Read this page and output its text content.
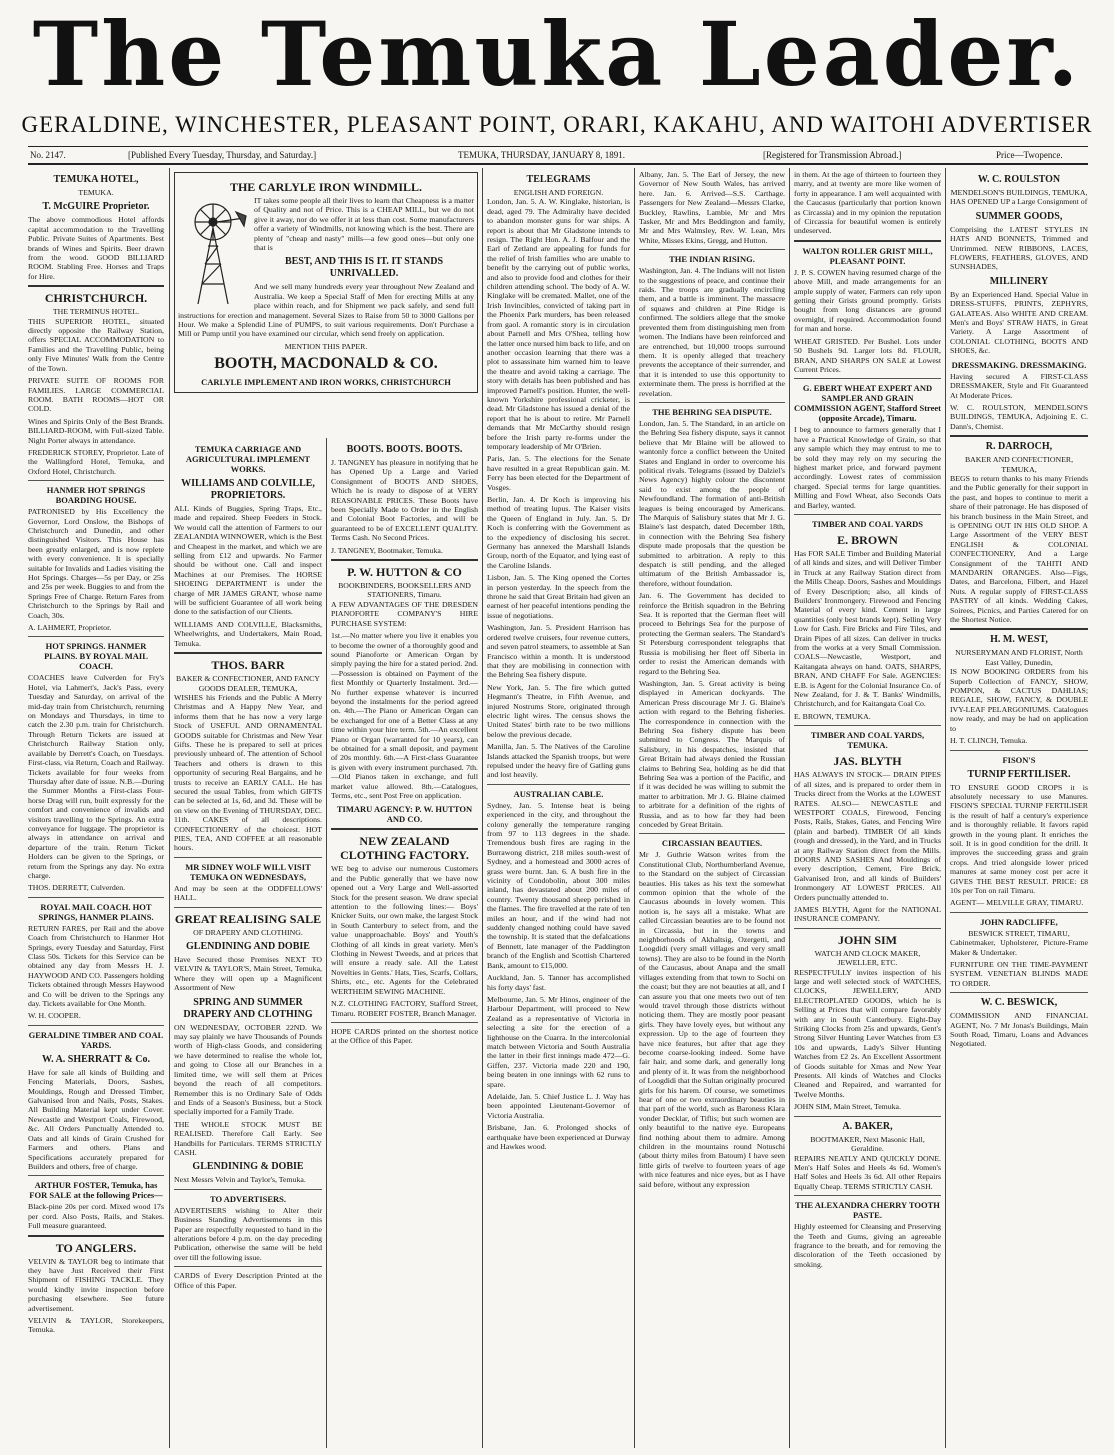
The Temuka Leader.
GERALDINE, WINCHESTER, PLEASANT POINT, ORARI, KAKAHU, AND WAITOHI ADVERTISER
No. 2147.	[Published Every Tuesday, Thursday, and Saturday.]	TEMUKA, THURSDAY, JANUARY 8, 1891.	[Registered for Transmission Abroad.]	Price—Twopence.
TEMUKA HOTEL,
TEMUKA.
T. McGUIRE Proprietor.

The above commodious Hotel affords capital accommodation to the Travelling Public. Private Suites of Apartments. Best brands of Wines and Spirits. Beer drawn from the wood. GOOD BILLIARD ROOM. Stabling Free. Horses and Traps for Hire.

CHRISTCHURCH.
THE TERMINUS HOTEL.

THIS SUPERIOR HOTEL, situated directly opposite the Railway Station, offers SPECIAL ACCOMMODATION to Families and the Travelling Public, being only Five Minutes' Walk from the Centre of the Town.

PRIVATE SUITE OF ROOMS FOR FAMILIES. LARGE COMMERCIAL ROOM. BATH ROOMS—HOT OR COLD.

Wines and Spirits Only of the Best Brands. BILLIARD-ROOM, with Full-sized Table. Night Porter always in attendance.

FREDERICK STOREY, Proprietor. Late of the Wallingford Hotel, Temuka, and Oxford Hotel, Christchurch.

HANMER HOT SPRINGS BOARDING HOUSE.

PATRONISED by His Excellency the Governor, Lord Onslow, the Bishops of Christchurch and Dunedin, and other distinguished Visitors. This House has been greatly enlarged, and is now replete with every convenience. It is specially suitable for Invalids and Ladies visiting the Hot Springs. Charges—5s per Day, or 25s and 25s per week. Buggies to and from the Springs Free of Charge. Return Fares from Christchurch to the Springs by Rail and Coach, 30s.

A. LAHMERT, Proprietor.

HOT SPRINGS. HANMER PLAINS. BY ROYAL MAIL COACH.

COACHES leave Culverden for Fry's Hotel, via Lahmert's, Jack's Pass, every Tuesday and Saturday, on arrival of the mid-day train from Christchurch, returning on Mondays and Thursdays, in time to catch the 2.30 p.m. train for Christchurch. Through Return Tickets are issued at Christchurch Railway Station only, available by Derrett's Coach, on Tuesdays. First-class, via Return, Coach and Railway. Tickets available for four weeks from Thursday after date of issue. N.B.—During the Summer Months a First-class Four-horse Drag will run, built expressly for the comfort and convenience of invalids and visitors travelling to the Springs. An extra conveyance for luggage. The proprietor is always in attendance on arrival and departure of the train. Return Ticket Holders can be given to the Springs, or return from the Springs any day. No extra charge.

THOS. DERRETT, Culverden.

ROYAL MAIL COACH. HOT SPRINGS, HANMER PLAINS.

RETURN FARES, per Rail and the above Coach from Christchurch to Hanmer Hot Springs, every Tuesday and Saturday, First Class 50s. Tickets for this Service can be obtained any day from Messrs H. J. HAYWOOD AND CO. Passengers holding Tickets obtained through Messrs Haywood and Co will be driven to the Springs any day. Tickets available for One Month.

W. H. COOPER.

GERALDINE TIMBER AND COAL YARDS.
W. A. SHERRATT & Co.

Have for sale all kinds of Building and Fencing Materials, Doors, Sashes, Mouldings, Rough and Dressed Timber, Galvanised Iron and Nails, Posts, Stakes. All Building Material kept under Cover. Newcastle and Westport Coals, Firewood, &c. All Orders Punctually Attended to. Oats and all kinds of Grain Crushed for Farmers and others. Plans and Specifications accurately prepared for Builders and others, free of charge.

ARTHUR FOSTER, Temuka, has FOR SALE at the following Prices—

Black-pine 20s per cord. Mixed wood 17s per cord. Also Posts, Rails, and Stakes. Full measure guaranteed.

TO ANGLERS.

VELVIN & TAYLOR beg to intimate that they have Just Received their First Shipment of FISHING TACKLE. They would kindly invite inspection before purchasing elsewhere. See future advertisement.

VELVIN & TAYLOR, Storekeepers, Temuka.

THE CARLYLE IRON WINDMILL.

IT takes some people all their lives to learn that Cheapness is a matter of Quality and not of Price. This is a CHEAP MILL, but we do not give it away, nor do we offer it at less than cost. Some manufacturers offer a variety of Windmills, not knowing which is the best. There are plenty of "cheap and nasty" mills—a few good ones—but only one that is

BEST, AND THIS IS IT. IT STANDS UNRIVALLED.

And we sell many hundreds every year throughout New Zealand and Australia. We keep a Special Staff of Men for erecting Mills at any place within reach, and for Shipment we pack safely, and send full instructions for erection and management. Several Sizes to Raise from 50 to 3000 Gallons per Hour. We make a Splendid Line of PUMPS, to suit various requirements. Don't Purchase a Mill or Pump until you have examined our circular, which send freely on application.

MENTION THIS PAPER.
BOOTH, MACDONALD & CO.
CARLYLE IMPLEMENT AND IRON WORKS, CHRISTCHURCH
TEMUKA CARRIAGE AND AGRICULTURAL IMPLEMENT WORKS.
WILLIAMS AND COLVILLE, PROPRIETORS.

ALL Kinds of Buggies, Spring Traps, Etc., made and repaired. Sheep Feeders in Stock. We would call the attention of Farmers to our ZEALANDIA WINNOWER, which is the Best and Cheapest in the market, and which we are selling from £12 and upwards. No Farmer should be without one. Call and inspect Machines at our Premises. The HORSE SHOEING DEPARTMENT is under the charge of MR JAMES GRANT, whose name will be sufficient Guarantee of all work being done to the satisfaction of our Clients.

WILLIAMS AND COLVILLE, Blacksmiths, Wheelwrights, and Undertakers, Main Road, Temuka.

THOS. BARR
BAKER & CONFECTIONER, AND FANCY GOODS DEALER, TEMUKA,

WISHES his Friends and the Public A Merry Christmas and A Happy New Year, and informs them that he has now a very large Stock of USEFUL AND ORNAMENTAL GOODS suitable for Christmas and New Year Gifts. These he is prepared to sell at prices previously unheard of. The attention of School Teachers and others is drawn to this opportunity of securing Real Bargains, and he trusts to receive an EARLY CALL. He has secured the usual Tables, from which GIFTS can be selected at 1s, 6d, and 3d. These will be on view on the Evening of THURSDAY, DEC. 11th. CAKES of all descriptions. CONFECTIONERY of the choicest. HOT PIES, TEA, AND COFFEE at all reasonable hours.

MR SIDNEY WOLF WILL VISIT TEMUKA ON WEDNESDAYS,

And may be seen at the ODDFELLOWS' HALL.

GREAT REALISING SALE
OF DRAPERY AND CLOTHING.
GLENDINING AND DOBIE

Have Secured those Premises NEXT TO VELVIN & TAYLOR'S, Main Street, Temuka, Where they will open up a Magnificent Assortment of New

SPRING AND SUMMER DRAPERY AND CLOTHING

ON WEDNESDAY, OCTOBER 22ND. We may say plainly we have Thousands of Pounds worth of High-class Goods, and considering we have determined to realise the whole lot, and going to Close all our Branches in a limited time, we will sell them at Prices beyond the reach of all competitors. Remember this is no Ordinary Sale of Odds and Ends of a Season's Business, but a Stock specially imported for a Family Trade.

THE WHOLE STOCK MUST BE REALISED. Therefore Call Early. See Handbills for Particulars. TERMS STRICTLY CASH.

GLENDINING & DOBIE

Next Messrs Velvin and Taylor's, Temuka.

TO ADVERTISERS.

ADVERTISERS wishing to Alter their Business Standing Advertisements in this Paper are respectfully requested to hand in the alterations before 4 p.m. on the day preceding Publication, otherwise the same will be held over till the following issue.

CARDS of Every Description Printed at the Office of this Paper.

BOOTS. BOOTS. BOOTS.

J. TANGNEY has pleasure in notifying that he has Opened Up a Large and Varied Consignment of BOOTS AND SHOES, Which he is ready to dispose of at VERY REASONABLE PRICES. These Boots have been Specially Made to Order in the English and Colonial Boot Factories, and will be guaranteed to be of EXCELLENT QUALITY. Terms Cash. No Second Prices.

J. TANGNEY, Bootmaker, Temuka.

P. W. HUTTON & CO
BOOKBINDERS, BOOKSELLERS AND STATIONERS, Timaru.

A FEW ADVANTAGES OF THE DRESDEN PIANOFORTE COMPANY'S HIRE PURCHASE SYSTEM:

1st.—No matter where you live it enables you to become the owner of a thoroughly good and sound Pianoforte or American Organ by simply paying the hire for a stated period. 2nd.—Possession is obtained on Payment of the first Monthly or Quarterly Instalment. 3rd.—No further expense whatever is incurred beyond the instalments for the period agreed on. 4th.—The Piano or American Organ can be exchanged for one of a Better Class at any time within your hire term. 5th.—An excellent Piano or Organ (warranted for 10 years), can be obtained for a small deposit, and payment of 20s monthly. 6th.—A First-class Guarantee is given with every instrument purchased. 7th.—Old Pianos taken in exchange, and full market value allowed. 8th.—Catalogues, Terms, etc., sent Post Free on application.

TIMARU AGENCY: P. W. HUTTON AND CO.
NEW ZEALAND CLOTHING FACTORY.

WE beg to advise our numerous Customers and the Public generally that we have now opened out a Very Large and Well-assorted Stock for the present season. We draw special attention to the following lines:— Boys' Knicker Suits, our own make, the largest Stock in South Canterbury to select from, and the value unapproachable. Boys' and Youth's Clothing of all kinds in great variety. Men's Clothing in Newest Tweeds, and at prices that will ensure a ready sale. All the Latest Novelties in Gents.' Hats, Ties, Scarfs, Collars, Shirts, etc., etc. Agents for the Celebrated WERTHEIM SEWING MACHINE.

N.Z. CLOTHING FACTORY, Stafford Street, Timaru. ROBERT FOSTER, Branch Manager.

HOPE CARDS printed on the shortest notice at the Office of this Paper.

TELEGRAMS
ENGLISH AND FOREIGN.

London, Jan. 5. A. W. Kinglake, historian, is dead, aged 79. The Admiralty have decided to abandon monster guns for war ships. A report is about that Mr Gladstone intends to resign. The Right Hon. A. J. Balfour and the Earl of Zetland are appealing for funds for the relief of Irish families who are unable to benefit by the carrying out of public works, and also to provide food and clothes for their children attending school. The body of A. W. Kinglake will be cremated. Mallet, one of the Irish Invincibles, convicted of taking part in the Phoenix Park murders, has been released from gaol. A romantic story is in circulation about Parnell and Mrs O'Shea, telling how the latter once nursed him back to life, and on another occasion learning that there was a plot to assassinate him warned him to leave the theatre and avoid taking a carriage. The story with details has been published and has improved Parnell's position. Hunter, the well-known Yorkshire professional cricketer, is dead. Mr Gladstone has issued a denial of the report that he is about to retire. Mr Parnell demands that Mr McCarthy should resign before the Irish party re-forms under the temporary leadership of Mr O'Brien.

Paris, Jan. 5. The elections for the Senate have resulted in a great Republican gain. M. Ferry has been elected for the Department of Vosges.

Berlin, Jan. 4. Dr Koch is improving his method of treating lupus. The Kaiser visits the Queen of England in July. Jan. 5. Dr Koch is conferring with the Government as to the expediency of disclosing his secret. Germany has annexed the Marshall Islands Group, north of the Equator, and lying east of the Caroline Islands.

Lisbon, Jan. 5. The King opened the Cortes in person yesterday. In the speech from the throne he said that Great Britain had given an earnest of her peaceful intentions pending the issue of negotiations.

Washington, Jan. 5. President Harrison has ordered twelve cruisers, four revenue cutters, and seven patrol steamers, to assemble at San Francisco within a month. It is understood that they are mobilising in connection with the Behring Sea fishery dispute.

New York, Jan. 5. The fire which gutted Hegmann's Theatre, in Fifth Avenue, and injured Nostrums Store, originated through electric light wires. The census shows the United States' birth rate to be two millions below the previous decade.

Manilla, Jan. 5. The Natives of the Caroline Islands attacked the Spanish troops, but were repulsed under the heavy fire of Gatling guns and lost heavily.

AUSTRALIAN CABLE.

Sydney, Jan. 5. Intense heat is being experienced in the city, and throughout the colony generally the temperature ranging from 97 to 113 degrees in the shade. Tremendous bush fires are raging in the Burrawong district, 218 miles south-west of Sydney, and a homestead and 3000 acres of grass were burnt. Jan. 6. A bush fire in the vicinity of Condobolin, about 300 miles inland, has devastated about 200 miles of country. Twenty thousand sheep perished in the flames. The fire travelled at the rate of ten miles an hour, and if the wind had not suddenly changed nothing could have saved the township. It is stated that the defalcations of Bennett, late manager of the Paddington branch of the English and Scottish Chartered Bank, amount to £15,000.

Auckland, Jan. 5. Tanner has accomplished his forty days' fast.

Melbourne, Jan. 5. Mr Hinos, engineer of the Harbour Department, will proceed to New Zealand as a representative of Victoria in selecting a site for the erection of a lighthouse on the Cuarra. In the intercolonial match between Victoria and South Australia the latter in their first innings made 472—G. Giffen, 237. Victoria made 220 and 190, being beaten in one innings with 62 runs to spare.

Adelaide, Jan. 5. Chief Justice L. J. Way has been appointed Lieutenant-Governor of Victoria Australia.

Brisbane, Jan. 6. Prolonged shocks of earthquake have been experienced at Durway and Hawkes wood.

Albany, Jan. 5. The Earl of Jersey, the new Governor of New South Wales, has arrived here. Jan. 6. Arrived—S.S. Carthage. Passengers for New Zealand—Messrs Clarke, Buckley, Rawlins, Lambie, Mr and Mrs Tasker, Mr and Mrs Beddington and family, Mr and Mrs Walmsley, Rev. W. Lean, Mrs White, Misses Ekins, Gregg, and Hutton.

THE INDIAN RISING.

Washington, Jan. 4. The Indians will not listen to the suggestions of peace, and continue their raids. The troops are gradually encircling them, and a battle is imminent. The massacre of squaws and children at Pine Ridge is confirmed. The soldiers allege that the smoke prevented them from distinguishing men from women. The Indians have been reinforced and are entrenched, but 10,000 troops surround them. It is openly alleged that treachery prevents the acceptance of their surrender, and that it is intended to use this opportunity to exterminate them. The press is horrified at the revelation.

THE BEHRING SEA DISPUTE.

London, Jan. 5. The Standard, in an article on the Behring Sea fishery dispute, says it cannot believe that Mr Blaine will be allowed to wantonly force a conflict between the United States and England in order to overcome his political rivals. Telegrams (issued by Dalziel's News Agency) highly colour the discontent said to exist among the people of Newfoundland. The formation of anti-British leagues is being encouraged by Americans. The Marquis of Salisbury states that Mr J. G. Blaine's last despatch, dated December 18th, in connection with the Behring Sea fishery dispute made proposals that the question be submitted to arbitration. A reply to this despatch is still pending, and the alleged ultimatum of the British Ambassador is, therefore, without foundation.

Jan. 6. The Government has decided to reinforce the British squadron in the Behring Sea. It is reported that the German fleet will proceed to Behrings Sea for the purpose of protecting the German sealers. The Standard's St Petersburg correspondent telegraphs that Russia is mobilising her fleet off Siberia in order to resist the American demands with regard to the Behring Sea.

Washington, Jan. 5. Great activity is being displayed in American dockyards. The American Press discourage Mr J. G. Blaine's action with regard to the Behring fisheries. The correspondence in connection with the Behring Sea fishery dispute has been submitted to Congress. The Marquis of Salisbury, in his despatches, insisted that Great Britain had always denied the Russian claims to Behring Sea, holding as he did that Behring Sea was a portion of the Pacific, and if it was decided he was willing to submit the matter to arbitration. Mr J. G. Blaine claimed to arbitrate for a definition of the rights of Russia, and as to how far they had been conceded by Great Britain.

CIRCASSIAN BEAUTIES.

Mr J. Guthrie Watson writes from the Constitutional Club, Northumberland Avenue, to the Standard on the subject of Circassian beauties. His takes as his text the somewhat common opinion that the whole of the Caucasus abounds in lovely women. This notion is, he says all a mistake. What are called Circassian beauties are to be found not in Circassia, but in the towns and neighborhoods of Akhaltsig, Ozergetti, and Loogdidi (very small villages and very small towns). They are also to be found in the North of the Caucasus, about Anapa and the small villages extending from that town to Sochi on the coast; but they are not beauties at all, and I can assure you that one meets two out of ten would travel through those districts without noticing them. They are mostly poor peasant girls. They have lovely eyes, but without any expression. Up to the age of fourteen they have nice features, but after that age they become coarse-looking indeed. Some have fair hair, and some dark, and generally long and plenty of it. It was from the neighborhood of Loogdidi that the Sultan originally procured girls for his harem. Of course, we sometimes hear of one or two extraordinary beauties in that part of the world, such as Baroness Klara vonder Decklar, of Tiflis; but such women are only beautiful to the native eye. Europeans find nothing about them to admire. Among children in the mountains round Notuschi (about thirty miles from Batoum) I have seen little girls of twelve to fourteen years of age with nice features and nice eyes, but as I have said before, without any expression

in them. At the age of thirteen to fourteen they marry, and at twenty are more like women of forty in appearance. I am well acquainted with the Caucasus (particularly that portion known as Circassia) and in my opinion the reputation of Circassia for beautiful women is entirely undeserved.

WALTON ROLLER GRIST MILL, PLEASANT POINT.

J. P. S. COWEN having resumed charge of the above Mill, and made arrangements for an ample supply of water, Farmers can rely upon getting their Grists ground promptly. Grists bought from long distances are ground overnight, if required. Accommodation found for man and horse.

WHEAT GRISTED. Per Bushel. Lots under 50 Bushels 9d. Larger lots 8d. FLOUR, BRAN, AND SHARPS ON SALE at Lowest Current Prices.

G. EBERT WHEAT EXPERT AND SAMPLER AND GRAIN COMMISSION AGENT, Stafford Street (opposite Arcade), Timaru.

I beg to announce to farmers generally that I have a Practical Knowledge of Grain, so that any sample which they may entrust to me to be sold they may rely on my securing the highest market price, and forward payment accordingly. Lowest rates of commission charged. Special terms for large quantities. Milling and Fowl Wheat, also Seconds Oats and Barley, wanted.

TIMBER AND COAL YARDS
E. BROWN

Has FOR SALE Timber and Building Material of all kinds and sizes, and will Deliver Timber in Truck at any Railway Station direct from the Mills Cheap. Doors, Sashes and Mouldings of Every Description; also, all kinds of Builders' Ironmongery. Firewood and Fencing Material of every kind. Cement in large quantities (only best brands kept). Selling Very Low for Cash. Fire Bricks and Fire Tiles, and Drain Pipes of all sizes. Can deliver in trucks from the works at a very Small Commission. COALS—Newcastle, Westport, and Kaitangata always on hand. OATS, SHARPS, BRAN, AND CHAFF For Sale. AGENCIES: E.B. is Agent for the Colonial Insurance Co. of New Zealand, for J. & T. Banks' Windmills, Christchurch, and for Kaitangata Coal Co.

E. BROWN, TEMUKA.

TIMBER AND COAL YARDS, TEMUKA.
JAS. BLYTH

HAS ALWAYS IN STOCK— DRAIN PIPES of all sizes, and is prepared to order them in Trucks direct from the Works at the LOWEST RATES. ALSO— NEWCASTLE and WESTPORT COALS, Firewood, Fencing Posts, Rails, Stakes, Gates, and Fencing Wire (plain and barbed). TIMBER Of all kinds (rough and dressed), in the Yard, and in Trucks at any Railway Station direct from the Mills. DOORS AND SASHES And Mouldings of every description, Cement, Fire Brick, Galvanised Iron, and all kinds of Builders' Ironmongery AT LOWEST PRICES. All Orders punctually attended to.

JAMES BLYTH, Agent for the NATIONAL INSURANCE COMPANY.

JOHN SIM
WATCH AND CLOCK MAKER, JEWELLER, ETC.

RESPECTFULLY invites inspection of his large and well selected stock of WATCHES, CLOCKS, JEWELLERY, AND ELECTROPLATED GOODS, which he is Selling at Prices that will compare favorably with any in South Canterbury. Eight-Day Striking Clocks from 25s and upwards, Gent's Strong Silver Hunting Lever Watches from £3 10s and upwards, Lady's Silver Hunting Watches from £2 2s. An Excellent Assortment of Goods suitable for Xmas and New Year Presents. All kinds of Watches and Clocks Cleaned and Repaired, and warranted for Twelve Months.

JOHN SIM, Main Street, Temuka.

A. BAKER,
BOOTMAKER, Next Masonic Hall, Geraldine.

REPAIRS NEATLY AND QUICKLY DONE. Men's Half Soles and Heels 4s 6d. Women's Half Soles and Heels 3s 6d. All other Repairs Equally Cheap. TERMS STRICTLY CASH.

THE ALEXANDRA CHERRY TOOTH PASTE.

Highly esteemed for Cleansing and Preserving the Teeth and Gums, giving an agreeable fragrance to the breath, and for removing the discoloration of the Teeth occasioned by smoking.

W. C. ROULSTON
MENDELSON'S BUILDINGS, TEMUKA,

HAS OPENED UP a Large Consignment of

SUMMER GOODS,

Comprising the LATEST STYLES IN HATS AND BONNETS, Trimmed and Untrimmed. NEW RIBBONS, LACES, FLOWERS, FEATHERS, GLOVES, AND SUNSHADES,

MILLINERY

By an Experienced Hand. Special Value in DRESS-STUFFS, PRINTS, ZEPHYRS, GALATEAS. Also WHITE AND CREAM. Men's and Boys' STRAW HATS, in Great Variety. A Large Assortment of COLONIAL CLOTHING, BOOTS AND SHOES, &c.

DRESSMAKING. DRESSMAKING.

Having secured A FIRST-CLASS DRESSMAKER, Style and Fit Guaranteed At Moderate Prices.

W. C. ROULSTON, MENDELSON'S BUILDINGS, TEMUKA, Adjoining E. C. Dann's, Chemist.

R. DARROCH,
BAKER AND CONFECTIONER, TEMUKA,

BEGS to return thanks to his many Friends and the Public generally for their support in the past, and hopes to continue to merit a share of their patronage. He has disposed of his branch business in the Main Street, and is OPENING OUT IN HIS OLD SHOP. A Large Assortment of the VERY BEST ENGLISH & COLONIAL CONFECTIONERY, And a Large Consignment of the TAHITI AND MANDARIN ORANGES. Also—Figs, Dates, and Barcelona, Filbert, and Hazel Nuts. A regular supply of FIRST-CLASS PASTRY of all kinds. Wedding Cakes, Soirees, Picnics, and Parties Catered for on the Shortest Notice.

H. M. WEST,
NURSERYMAN AND FLORIST, North East Valley, Dunedin,

IS NOW BOOKING ORDERS from his Superb Collection of FANCY, SHOW, POMPON, & CACTUS DAHLIAS; REGALE, SHOW, FANCY, & DOUBLE IVY-LEAF PELARGONIUMS. Catalogues now ready, and may be had on application to

H. T. CLINCH, Temuka.

FISON'S
TURNIP FERTILISER.

TO ENSURE GOOD CROPS it is absolutely necessary to use Manures. FISON'S SPECIAL TURNIP FERTILISER is the result of half a century's experience and is thoroughly reliable. It favors rapid growth in the young plant. It enriches the soil. It is in good condition for the drill. It improves the succeeding grass and grain crops. And tried alongside lower priced manures at same money cost per acre it GIVES THE BEST RESULT. PRICE: £8 10s per Ton on rail Timaru.

AGENT— MELVILLE GRAY, TIMARU.

JOHN RADCLIFFE,
BESWICK STREET, TIMARU,

Cabinetmaker, Upholsterer, Picture-Frame Maker & Undertaker.

FURNITURE ON THE TIME-PAYMENT SYSTEM. VENETIAN BLINDS MADE TO ORDER.

W. C. BESWICK,

COMMISSION AND FINANCIAL AGENT, No. 7 Mr Jonas's Buildings, Main South Road, Timaru, Loans and Advances Negotiated.
